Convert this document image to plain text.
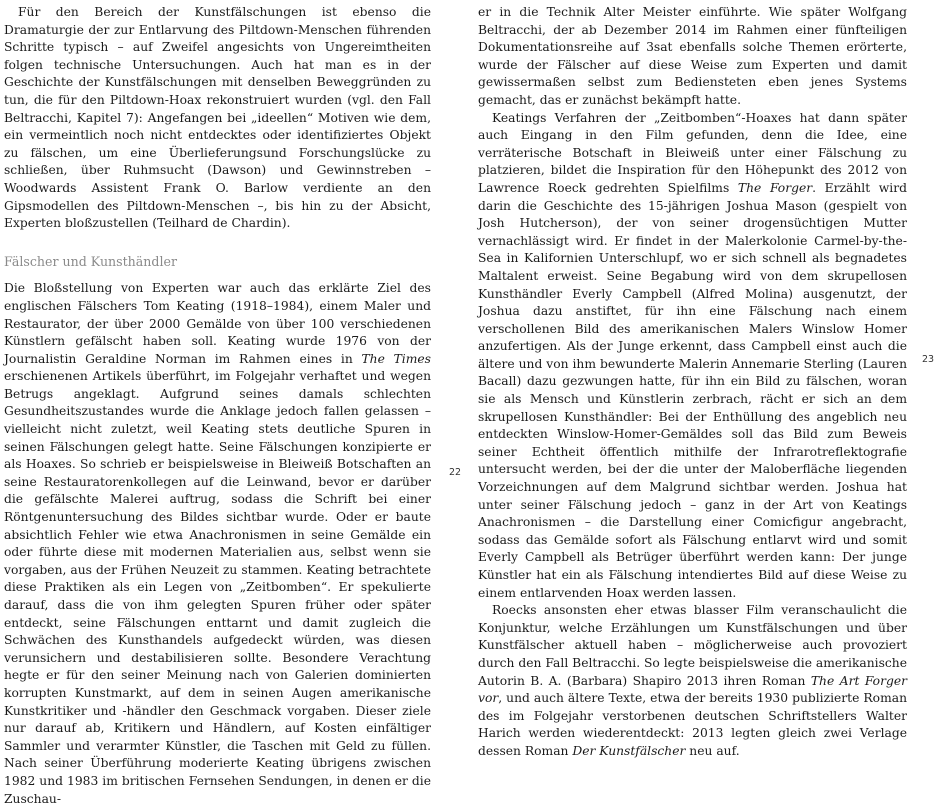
Für den Bereich der Kunstfälschungen ist ebenso die Dramaturgie der zur Entlarvung des Piltdown-Menschen führenden Schritte typisch – auf Zweifel angesichts von Ungereimtheiten folgen technische Untersuchungen. Auch hat man es in der Geschichte der Kunstfälschungen mit denselben Beweggründen zu tun, die für den Piltdown-Hoax rekonstruiert wurden (vgl. den Fall Beltracchi, Kapitel 7): Angefangen bei „ideellen“ Motiven wie dem, ein vermeintlich noch nicht entdecktes oder identifiziertes Objekt zu fälschen, um eine Überlieferungsund Forschungslücke zu schließen, über Ruhmsucht (Dawson) und Gewinnstreben – Woodwards Assistent Frank O. Barlow verdiente an den Gipsmodellen des Piltdown-Menschen –, bis hin zu der Absicht, Experten bloßzustellen (Teilhard de Chardin).

Fälscher und Kunsthändler

Die Bloßstellung von Experten war auch das erklärte Ziel des englischen Fälschers Tom Keating (1918–1984), einem Maler und Restaurator, der über 2000 Gemälde von über 100 verschiedenen Künstlern gefälscht haben soll. Keating wurde 1976 von der Journalistin Geraldine Norman im Rahmen eines in The Times erschienenen Artikels überführt, im Folgejahr verhaftet und wegen Betrugs angeklagt. Aufgrund seines damals schlechten Gesundheitszustandes wurde die Anklage jedoch fallen gelassen – vielleicht nicht zuletzt, weil Keating stets deutliche Spuren in seinen Fälschungen gelegt hatte. Seine Fälschungen konzipierte er als Hoaxes. So schrieb er beispielsweise in Bleiweiß Botschaften an seine Restauratorenkollegen auf die Leinwand, bevor er darüber die gefälschte Malerei auftrug, sodass die Schrift bei einer Röntgenuntersuchung des Bildes sichtbar wurde. Oder er baute absichtlich Fehler wie etwa Anachronismen in seine Gemälde ein oder führte diese mit modernen Materialien aus, selbst wenn sie vorgaben, aus der Frühen Neuzeit zu stammen. Keating betrachtete diese Praktiken als ein Legen von „Zeitbomben“. Er spekulierte darauf, dass die von ihm gelegten Spuren früher oder später entdeckt, seine Fälschungen enttarnt und damit zugleich die Schwächen des Kunsthandels aufgedeckt würden, was diesen verunsichern und destabilisieren sollte. Besondere Verachtung hegte er für den seiner Meinung nach von Galerien dominierten korrupten Kunstmarkt, auf dem in seinen Augen amerikanische Kunstkritiker und -händler den Geschmack vorgaben. Dieser ziele nur darauf ab, Kritikern und Händlern, auf Kosten einfältiger Sammler und verarmter Künstler, die Taschen mit Geld zu füllen. Nach seiner Überführung moderierte Keating übrigens zwischen 1982 und 1983 im britischen Fernsehen Sendungen, in denen er die Zuschau-

22

er in die Technik Alter Meister einführte. Wie später Wolfgang Beltracchi, der ab Dezember 2014 im Rahmen einer fünfteiligen Dokumentationsreihe auf 3sat ebenfalls solche Themen erörterte, wurde der Fälscher auf diese Weise zum Experten und damit gewissermaßen selbst zum Bediensteten eben jenes Systems gemacht, das er zunächst bekämpft hatte.

Keatings Verfahren der „Zeitbomben“-Hoaxes hat dann später auch Eingang in den Film gefunden, denn die Idee, eine verräterische Botschaft in Bleiweiß unter einer Fälschung zu platzieren, bildet die Inspiration für den Höhepunkt des 2012 von Lawrence Roeck gedrehten Spielfilms The Forger. Erzählt wird darin die Geschichte des 15-jährigen Joshua Mason (gespielt von Josh Hutcherson), der von seiner drogensüchtigen Mutter vernachlässigt wird. Er findet in der Malerkolonie Carmel-by-the-Sea in Kalifornien Unterschlupf, wo er sich schnell als begnadetes Maltalent erweist. Seine Begabung wird von dem skrupellosen Kunsthändler Everly Campbell (Alfred Molina) ausgenutzt, der Joshua dazu anstiftet, für ihn eine Fälschung nach einem verschollenen Bild des amerikanischen Malers Winslow Homer anzufertigen. Als der Junge erkennt, dass Campbell einst auch die ältere und von ihm bewunderte Malerin Annemarie Sterling (Lauren Bacall) dazu gezwungen hatte, für ihn ein Bild zu fälschen, woran sie als Mensch und Künstlerin zerbrach, rächt er sich an dem skrupellosen Kunsthändler: Bei der Enthüllung des angeblich neu entdeckten Winslow-Homer-Gemäldes soll das Bild zum Beweis seiner Echtheit öffentlich mithilfe der Infrarotreflektografie untersucht werden, bei der die unter der Maloberfläche liegenden Vorzeichnungen auf dem Malgrund sichtbar werden. Joshua hat unter seiner Fälschung jedoch – ganz in der Art von Keatings Anachronismen – die Darstellung einer Comicfigur angebracht, sodass das Gemälde sofort als Fälschung entlarvt wird und somit Everly Campbell als Betrüger überführt werden kann: Der junge Künstler hat ein als Fälschung intendiertes Bild auf diese Weise zu einem entlarvenden Hoax werden lassen.

Roecks ansonsten eher etwas blasser Film veranschaulicht die Konjunktur, welche Erzählungen um Kunstfälschungen und über Kunstfälscher aktuell haben – möglicherweise auch provoziert durch den Fall Beltracchi. So legte beispielsweise die amerikanische Autorin B. A. (Barbara) Shapiro 2013 ihren Roman The Art Forger vor, und auch ältere Texte, etwa der bereits 1930 publizierte Roman des im Folgejahr verstorbenen deutschen Schriftstellers Walter Harich werden wiederentdeckt: 2013 legten gleich zwei Verlage dessen Roman Der Kunstfälscher neu auf.

23
